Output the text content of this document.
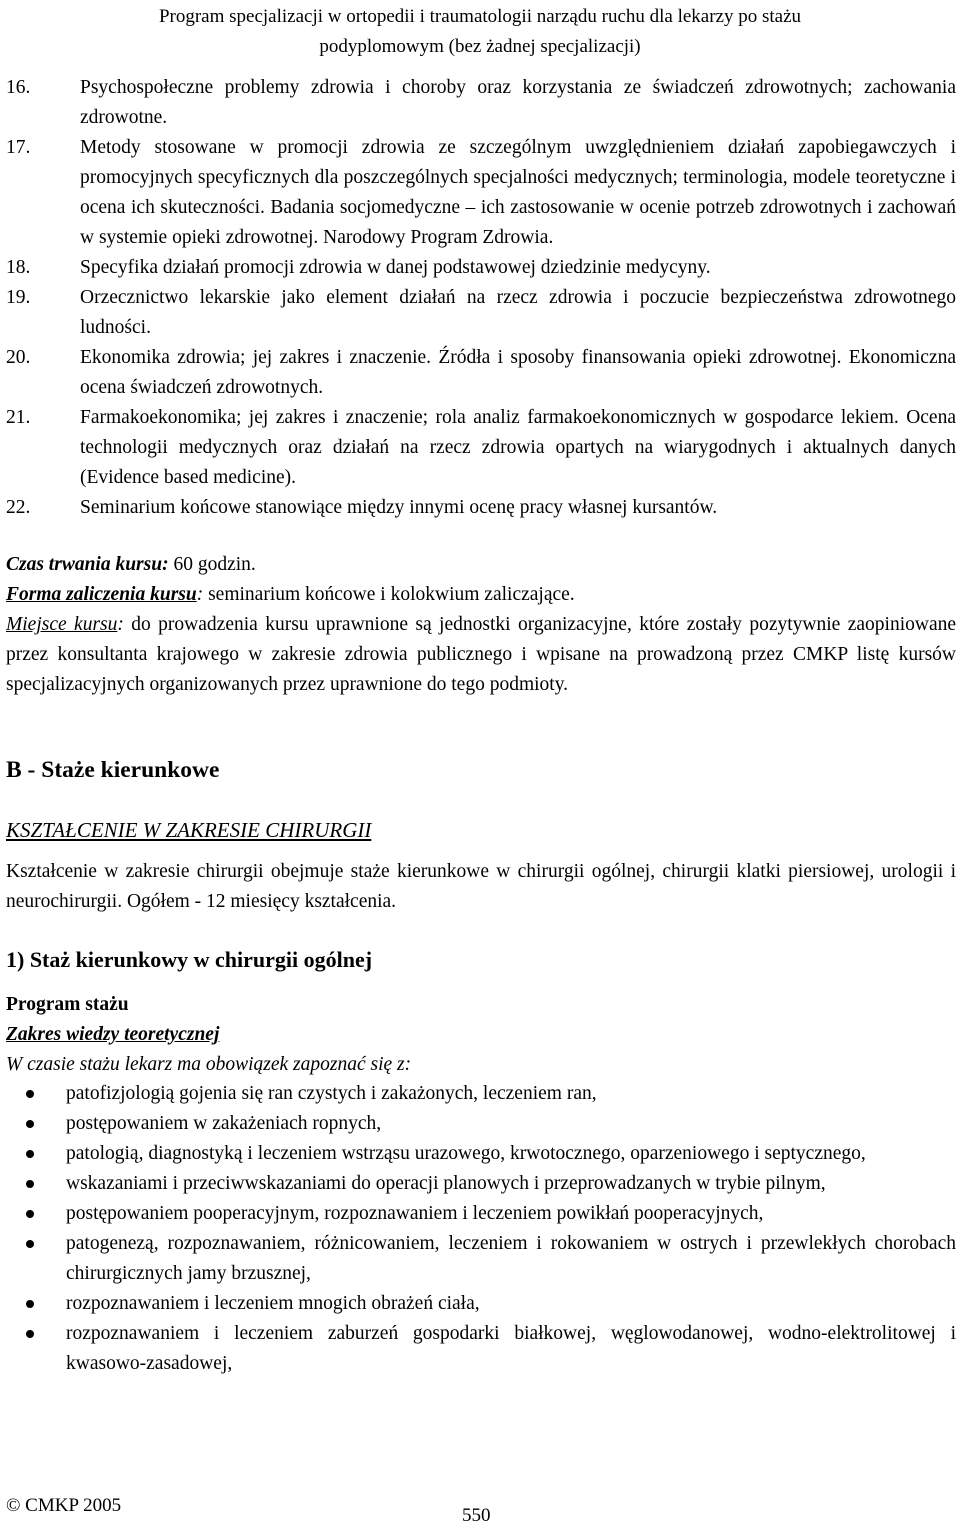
Program specjalizacji w ortopedii i traumatologii narządu ruchu dla lekarzy po stażu
podyplomowym (bez żadnej specjalizacji)
16.	Psychospołeczne problemy zdrowia i choroby oraz korzystania ze świadczeń zdrowotnych; zachowania zdrowotne.
17.	Metody stosowane w promocji zdrowia ze szczególnym uwzględnieniem działań zapobiegawczych i promocyjnych specyficznych dla poszczególnych specjalności medycznych; terminologia, modele teoretyczne i ocena ich skuteczności. Badania socjomedyczne – ich zastosowanie w ocenie potrzeb zdrowotnych i zachowań w systemie opieki zdrowotnej. Narodowy Program Zdrowia.
18.	Specyfika działań promocji zdrowia w danej podstawowej dziedzinie medycyny.
19.	Orzecznictwo lekarskie jako element działań na rzecz zdrowia i poczucie bezpieczeństwa zdrowotnego ludności.
20.	Ekonomika zdrowia; jej zakres i znaczenie. Źródła i sposoby finansowania opieki zdrowotnej. Ekonomiczna ocena świadczeń zdrowotnych.
21.	Farmakoekonomika; jej zakres i znaczenie; rola analiz farmakoekonomicznych w gospodarce lekiem. Ocena technologii medycznych oraz działań na rzecz zdrowia opartych na wiarygodnych i aktualnych danych (Evidence based medicine).
22.	Seminarium końcowe stanowiące między innymi ocenę pracy własnej kursantów.
Czas trwania kursu: 60 godzin.
Forma zaliczenia kursu: seminarium końcowe i kolokwium zaliczające.
Miejsce kursu: do prowadzenia kursu uprawnione są jednostki organizacyjne, które zostały pozytywnie zaopiniowane przez konsultanta krajowego w zakresie zdrowia publicznego i wpisane na prowadzoną przez CMKP listę kursów specjalizacyjnych organizowanych przez uprawnione do tego podmioty.
B - Staże kierunkowe
KSZTAŁCENIE W ZAKRESIE CHIRURGII
Kształcenie w zakresie chirurgii obejmuje staże kierunkowe w chirurgii ogólnej, chirurgii klatki piersiowej, urologii i neurochirurgii. Ogółem - 12 miesięcy kształcenia.
1) Staż kierunkowy w chirurgii ogólnej
Program stażu
Zakres wiedzy teoretycznej
W czasie stażu lekarz ma obowiązek zapoznać się z:
patofizjologią gojenia się ran czystych i zakażonych, leczeniem ran,
postępowaniem w zakażeniach ropnych,
patologią, diagnostyką i leczeniem wstrząsu urazowego, krwotocznego, oparzeniowego i septycznego,
wskazaniami i przeciwwskazaniami do operacji planowych i przeprowadzanych w trybie pilnym,
postępowaniem pooperacyjnym, rozpoznawaniem i leczeniem powikłań pooperacyjnych,
patogenezą, rozpoznawaniem, różnicowaniem, leczeniem i rokowaniem w ostrych i przewlekłych chorobach chirurgicznych jamy brzusznej,
rozpoznawaniem i leczeniem mnogich obrażeń ciała,
rozpoznawaniem i leczeniem zaburzeń gospodarki białkowej, węglowodanowej, wodno-elektrolitowej i kwasowo-zasadowej,
© CMKP 2005	550
